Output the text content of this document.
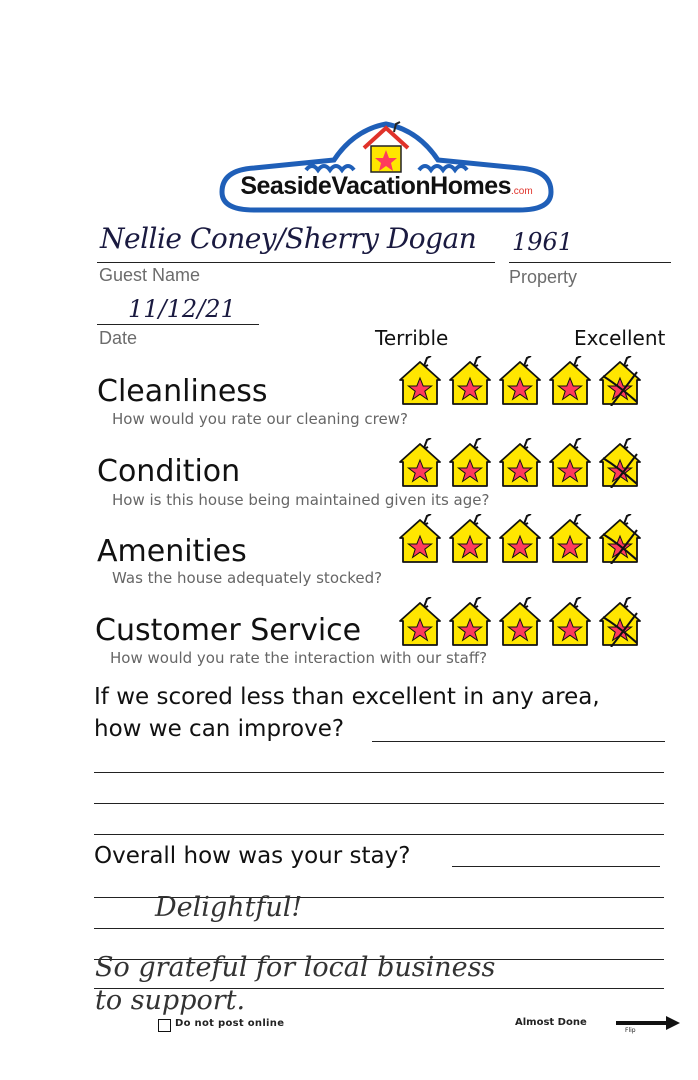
SeasideVacationHomes.com
Nellie Coney/Sherry Dogan
Guest Name
1961
Property
11/12/21
Date	Terrible	Excellent
Cleanliness
How would you rate our cleaning crew?
Condition
How is this house being maintained given its age?
Amenities
Was the house adequately stocked?
Customer Service
How would you rate the interaction with our staff?
If we scored less than excellent in any area,
how we can improve?
Overall how was your stay?
Delightful!
So grateful for local business
to support.
Do not post online	Almost Done
Flip
